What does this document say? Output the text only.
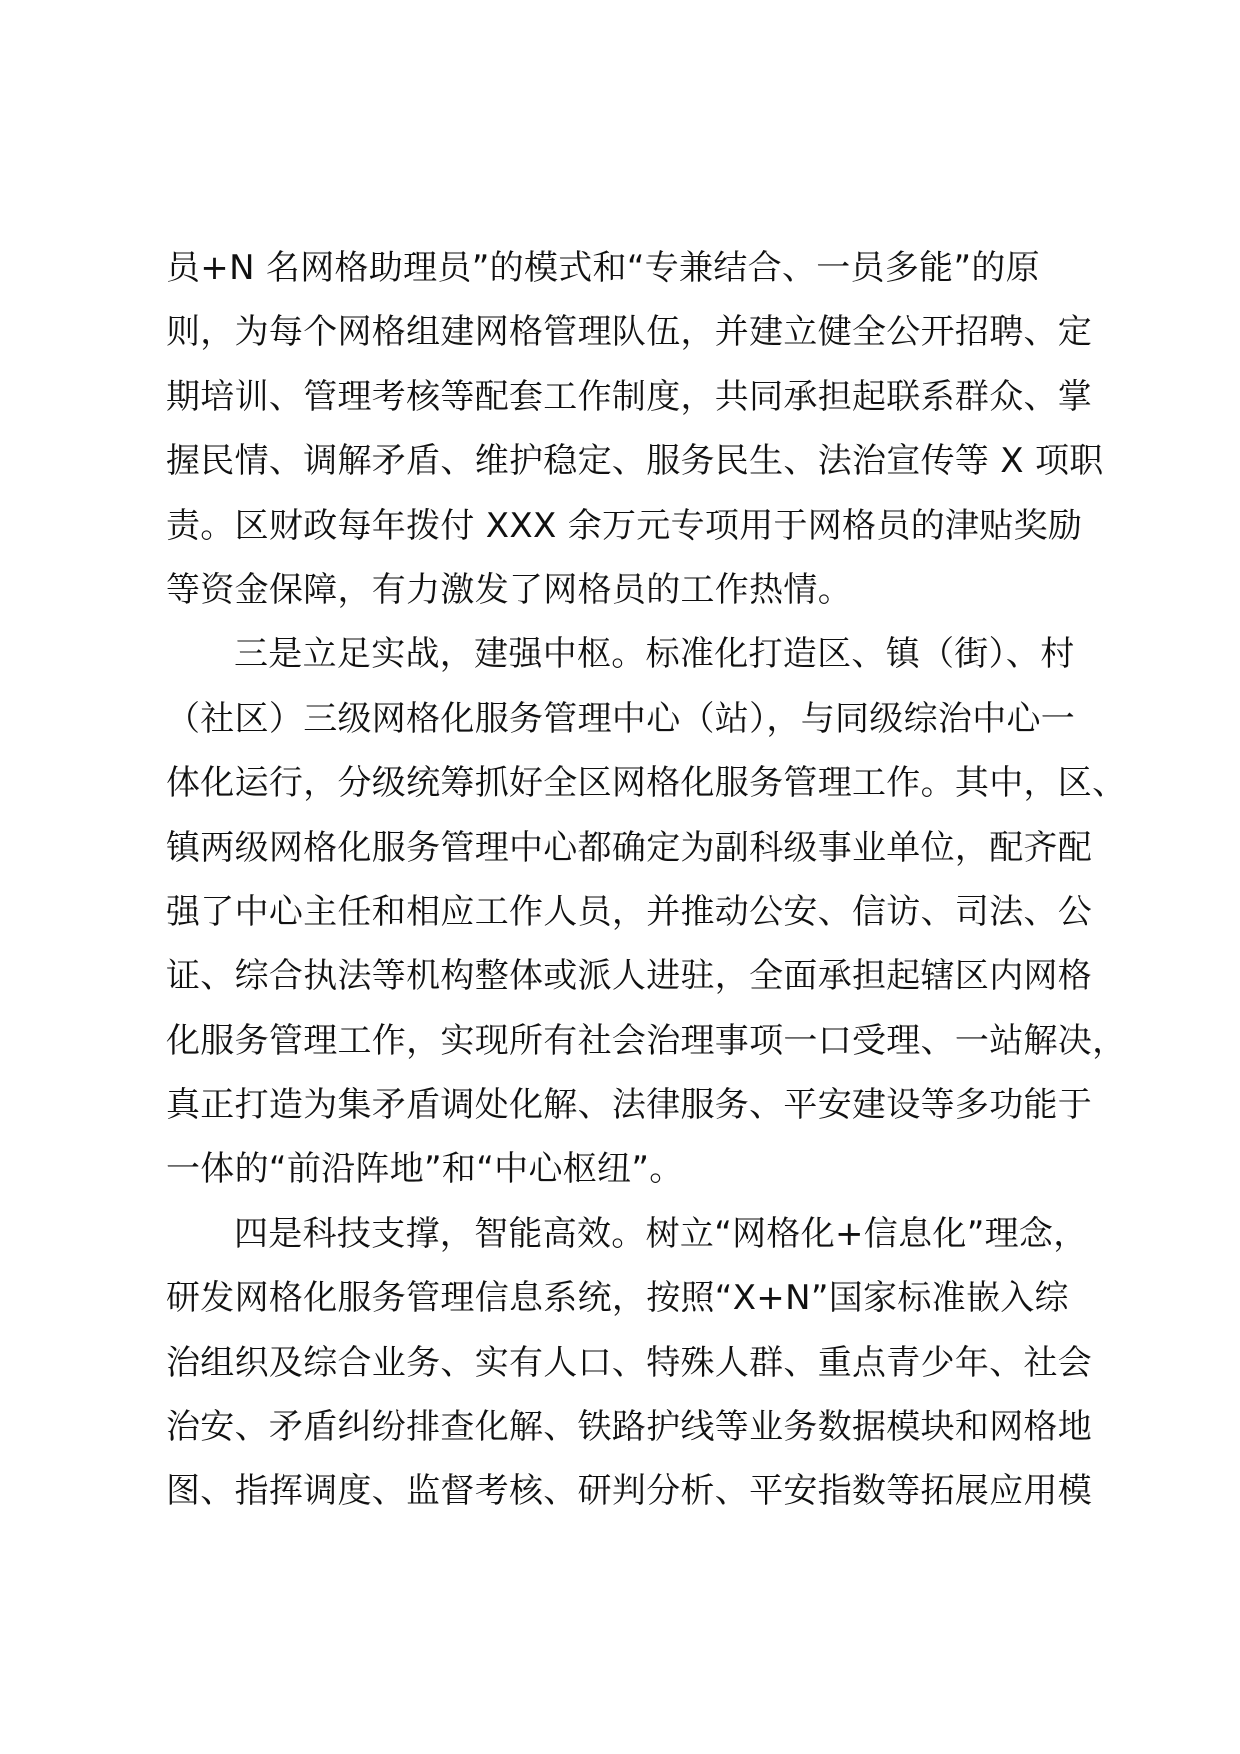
员+N 名网格助理员”的模式和“专兼结合、一员多能”的原
则，为每个网格组建网格管理队伍，并建立健全公开招聘、定
期培训、管理考核等配套工作制度，共同承担起联系群众、掌
握民情、调解矛盾、维护稳定、服务民生、法治宣传等 X 项职
责。区财政每年拨付 XXX 余万元专项用于网格员的津贴奖励
等资金保障，有力激发了网格员的工作热情。
三是立足实战，建强中枢。标准化打造区、镇（街）、村
（社区）三级网格化服务管理中心（站），与同级综治中心一
体化运行，分级统筹抓好全区网格化服务管理工作。其中，区、
镇两级网格化服务管理中心都确定为副科级事业单位，配齐配
强了中心主任和相应工作人员，并推动公安、信访、司法、公
证、综合执法等机构整体或派人进驻，全面承担起辖区内网格
化服务管理工作，实现所有社会治理事项一口受理、一站解决，
真正打造为集矛盾调处化解、法律服务、平安建设等多功能于
一体的“前沿阵地”和“中心枢纽”。
四是科技支撑，智能高效。树立“网格化+信息化”理念，
研发网格化服务管理信息系统，按照“X+N”国家标准嵌入综
治组织及综合业务、实有人口、特殊人群、重点青少年、社会
治安、矛盾纠纷排查化解、铁路护线等业务数据模块和网格地
图、指挥调度、监督考核、研判分析、平安指数等拓展应用模
